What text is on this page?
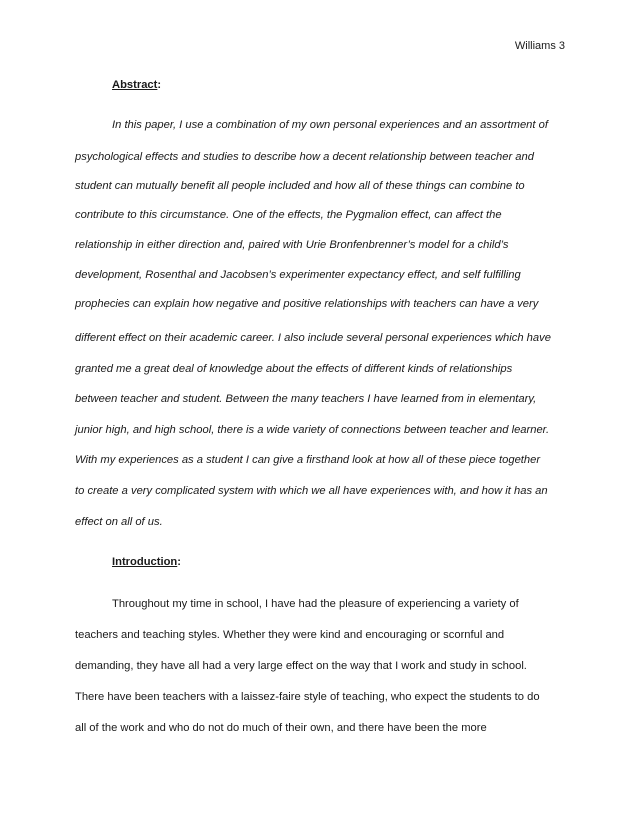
Williams 3
Abstract:
In this paper, I use a combination of my own personal experiences and an assortment of
psychological effects and studies to describe how a decent relationship between teacher and
student can mutually benefit all people included and how all of these things can combine to
contribute to this circumstance. One of the effects, the Pygmalion effect, can affect the
relationship in either direction and, paired with Urie Bronfenbrenner’s model for a child’s
development, Rosenthal and Jacobsen’s experimenter expectancy effect, and self fulfilling
prophecies can explain how negative and positive relationships with teachers can have a very
different effect on their academic career. I also include several personal experiences which have
granted me a great deal of knowledge about the effects of different kinds of relationships
between teacher and student. Between the many teachers I have learned from in elementary,
junior high, and high school, there is a wide variety of connections between teacher and learner.
With my experiences as a student I can give a firsthand look at how all of these piece together
to create a very complicated system with which we all have experiences with, and how it has an
effect on all of us.
Introduction:
Throughout my time in school, I have had the pleasure of experiencing a variety of
teachers and teaching styles. Whether they were kind and encouraging or scornful and
demanding, they have all had a very large effect on the way that I work and study in school.
There have been teachers with a laissez-faire style of teaching, who expect the students to do
all of the work and who do not do much of their own, and there have been the more
